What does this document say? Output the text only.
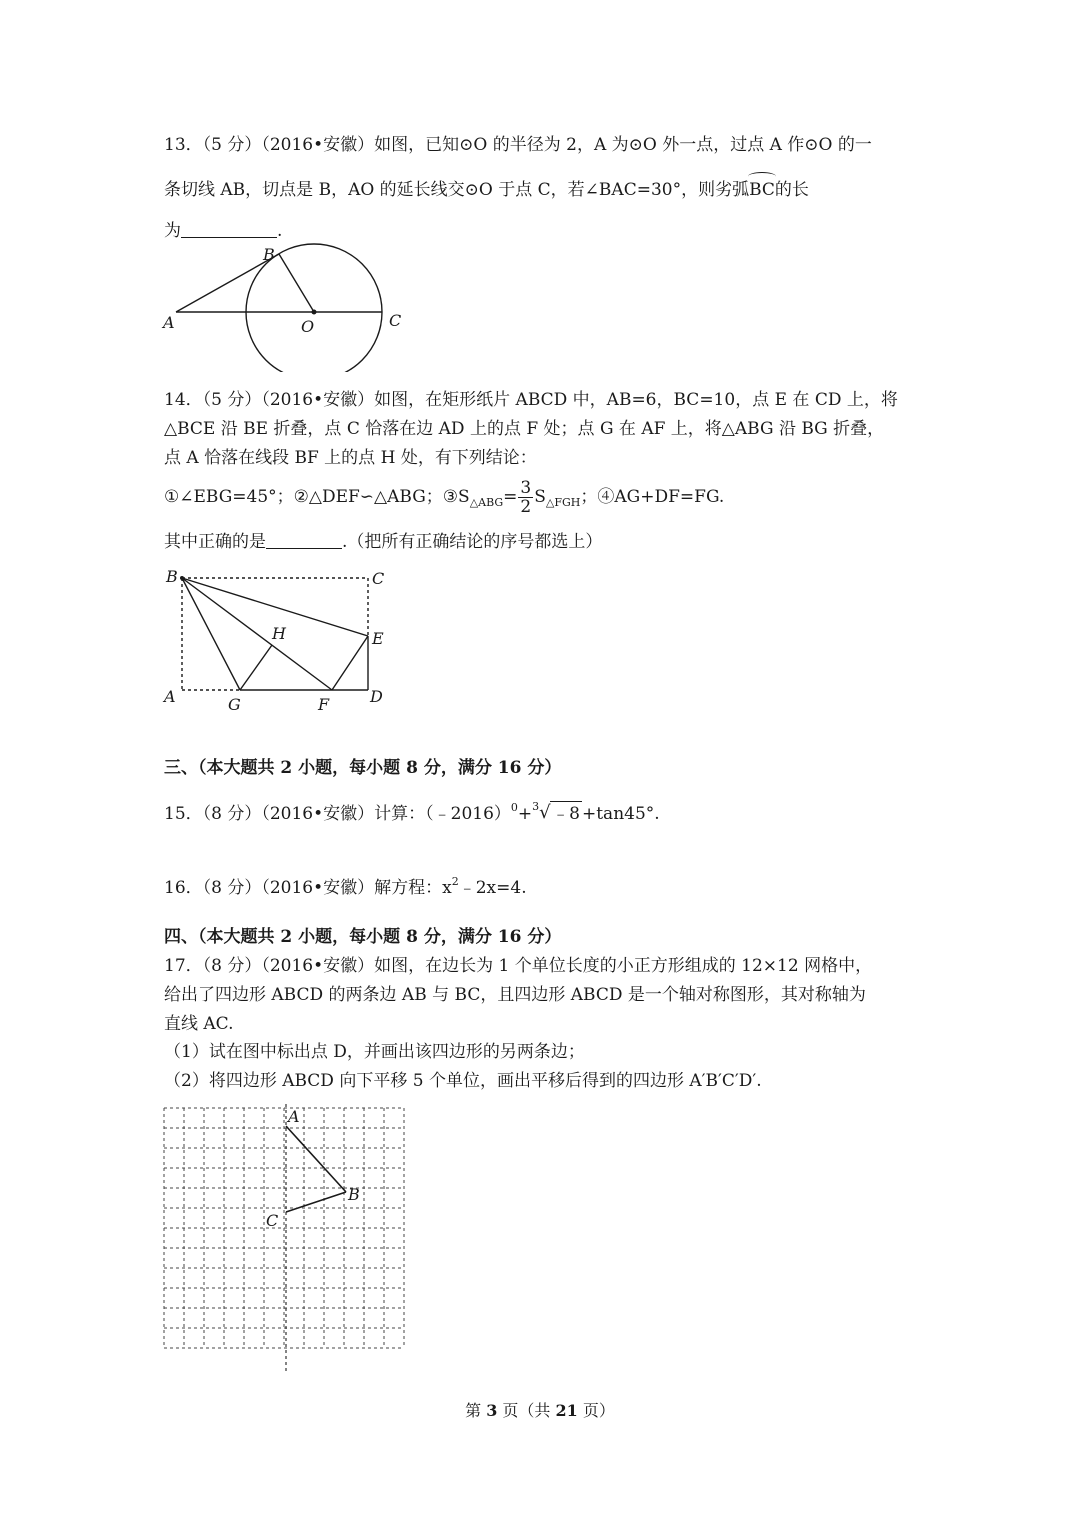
13．（5 分）（2016•安徽）如图，已知⊙O 的半径为 2，A 为⊙O 外一点，过点 A 作⊙O 的一
条切线 AB，切点是 B，AO 的延长线交⊙O 于点 C，若∠BAC=30°，则劣弧BC的长
为	.
A
B
O	C
14．（5 分）（2016•安徽）如图，在矩形纸片 ABCD 中，AB=6，BC=10，点 E 在 CD 上，将
△BCE 沿 BE 折叠，点 C 恰落在边 AD 上的点 F 处；点 G 在 AF 上，将△ABG 沿 BG 折叠，
点 A 恰落在线段 BF 上的点 H 处，有下列结论：
①∠EBG=45°；②△DEF∽△ABG；$③S_{\triangle ABG}= \frac{3}{2} S_{\triangle FGH}$；④AG+DF=FG.
其中正确的是	.（把所有正确结论的序号都选上）
B	C
H	E
A	G	F	D
三、（本大题共 2 小题，每小题 8 分，满分 16 分）
15．（8 分）（2016•安徽）计算：（﹣2016）$^0$+ 3 √ ﹣8 +tan45°.
16．（8 分）（2016•安徽）解方程：$x^2﹣2x=4$.
四、（本大题共 2 小题，每小题 8 分，满分 16 分）
17．（8 分）（2016•安徽）如图，在边长为 1 个单位长度的小正方形组成的 12×12 网格中，
给出了四边形 ABCD 的两条边 AB 与 BC，且四边形 ABCD 是一个轴对称图形，其对称轴为
直线 AC.
（1）试在图中标出点 D，并画出该四边形的另两条边；
（2）将四边形 ABCD 向下平移 5 个单位，画出平移后得到的四边形 A′B′C′D′.
A
B
C
第 3 页（共 21 页）
